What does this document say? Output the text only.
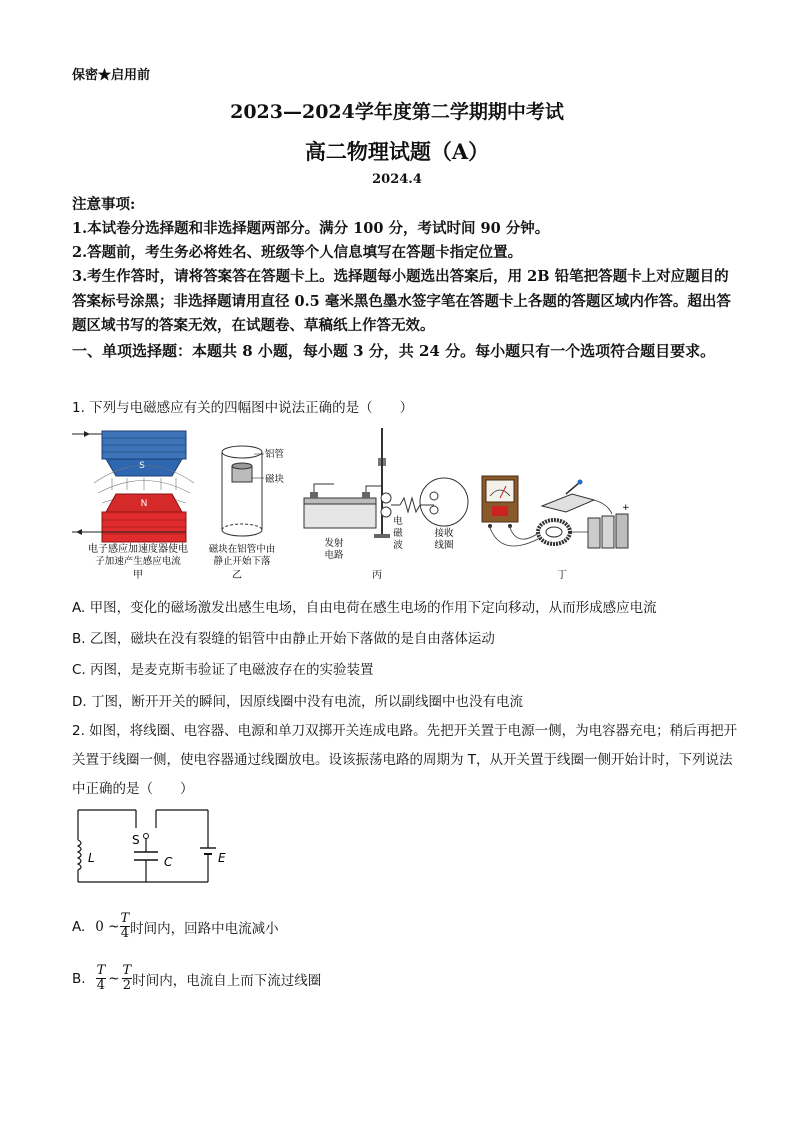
保密★启用前
2023—2024学年度第二学期期中考试
高二物理试题（A）
2024.4
注意事项:
1.本试卷分选择题和非选择题两部分。满分 100 分，考试时间 90 分钟。
2.答题前，考生务必将姓名、班级等个人信息填写在答题卡指定位置。
3.考生作答时，请将答案答在答题卡上。选择题每小题选出答案后，用 2B 铅笔把答题卡上对应题目的答案标号涂黑；非选择题请用直径 0.5 毫米黑色墨水签字笔在答题卡上各题的答题区域内作答。超出答题区域书写的答案无效，在试题卷、草稿纸上作答无效。
一、单项选择题：本题共 8 小题，每小题 3 分，共 24 分。每小题只有一个选项符合题目要求。
1. 下列与电磁感应有关的四幅图中说法正确的是（　　）
S
N
电子感应加速度器使电
子加速产生感应电流
甲
铝管
磁块
磁块在铝管中由
静止开始下落
乙
发射
电路
电
磁
波
接收
线圈
丙
+
丁
A. 甲图，变化的磁场激发出感生电场，自由电荷在感生电场的作用下定向移动，从而形成感应电流
B. 乙图，磁块在没有裂缝的铝管中由静止开始下落做的是自由落体运动
C. 丙图，是麦克斯韦验证了电磁波存在的实验装置
D. 丁图，断开开关的瞬间，因原线圈中没有电流，所以副线圈中也没有电流
2. 如图，将线圈、电容器、电源和单刀双掷开关连成电路。先把开关置于电源一侧，为电容器充电；稍后再把开关置于线圈一侧，使电容器通过线圈放电。设该振荡电路的周期为 T，从开关置于线圈一侧开始计时，下列说法中正确的是（　　）
S
L	C	E
A. 0 ~ $\frac{T}{4}$ 时间内，回路中电流减小
B. $\frac{T}{4}$ ~ $\frac{T}{2}$ 时间内，电流自上而下流过线圈
